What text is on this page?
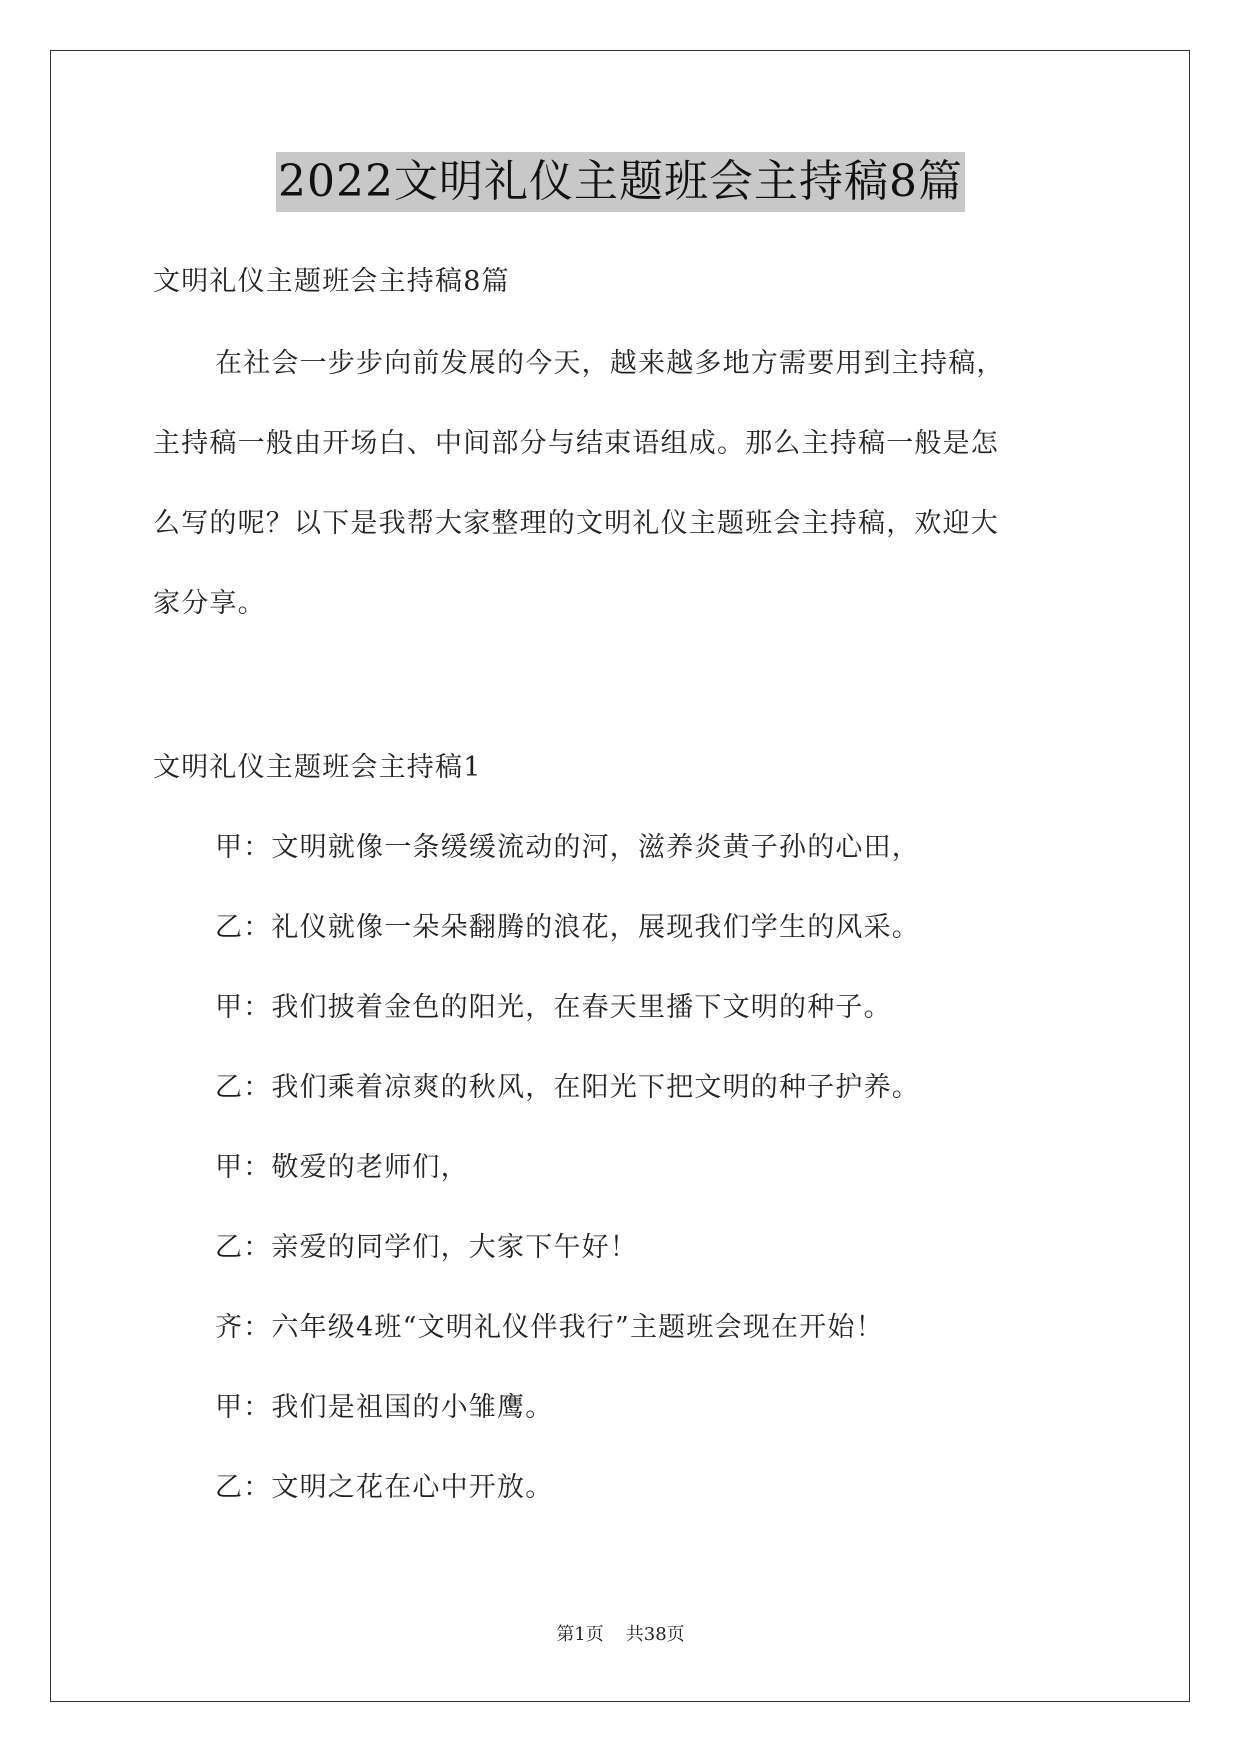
2022文明礼仪主题班会主持稿8篇

文明礼仪主题班会主持稿8篇

在社会一步步向前发展的今天，越来越多地方需要用到主持稿，

主持稿一般由开场白、中间部分与结束语组成。那么主持稿一般是怎

么写的呢？以下是我帮大家整理的文明礼仪主题班会主持稿，欢迎大

家分享。

文明礼仪主题班会主持稿1

甲：文明就像一条缓缓流动的河，滋养炎黄子孙的心田，

乙：礼仪就像一朵朵翻腾的浪花，展现我们学生的风采。

甲：我们披着金色的阳光，在春天里播下文明的种子。

乙：我们乘着凉爽的秋风，在阳光下把文明的种子护养。

甲：敬爱的老师们，

乙：亲爱的同学们，大家下午好！

齐：六年级4班“文明礼仪伴我行”主题班会现在开始！

甲：我们是祖国的小雏鹰。

乙：文明之花在心中开放。

第1页 共38页
